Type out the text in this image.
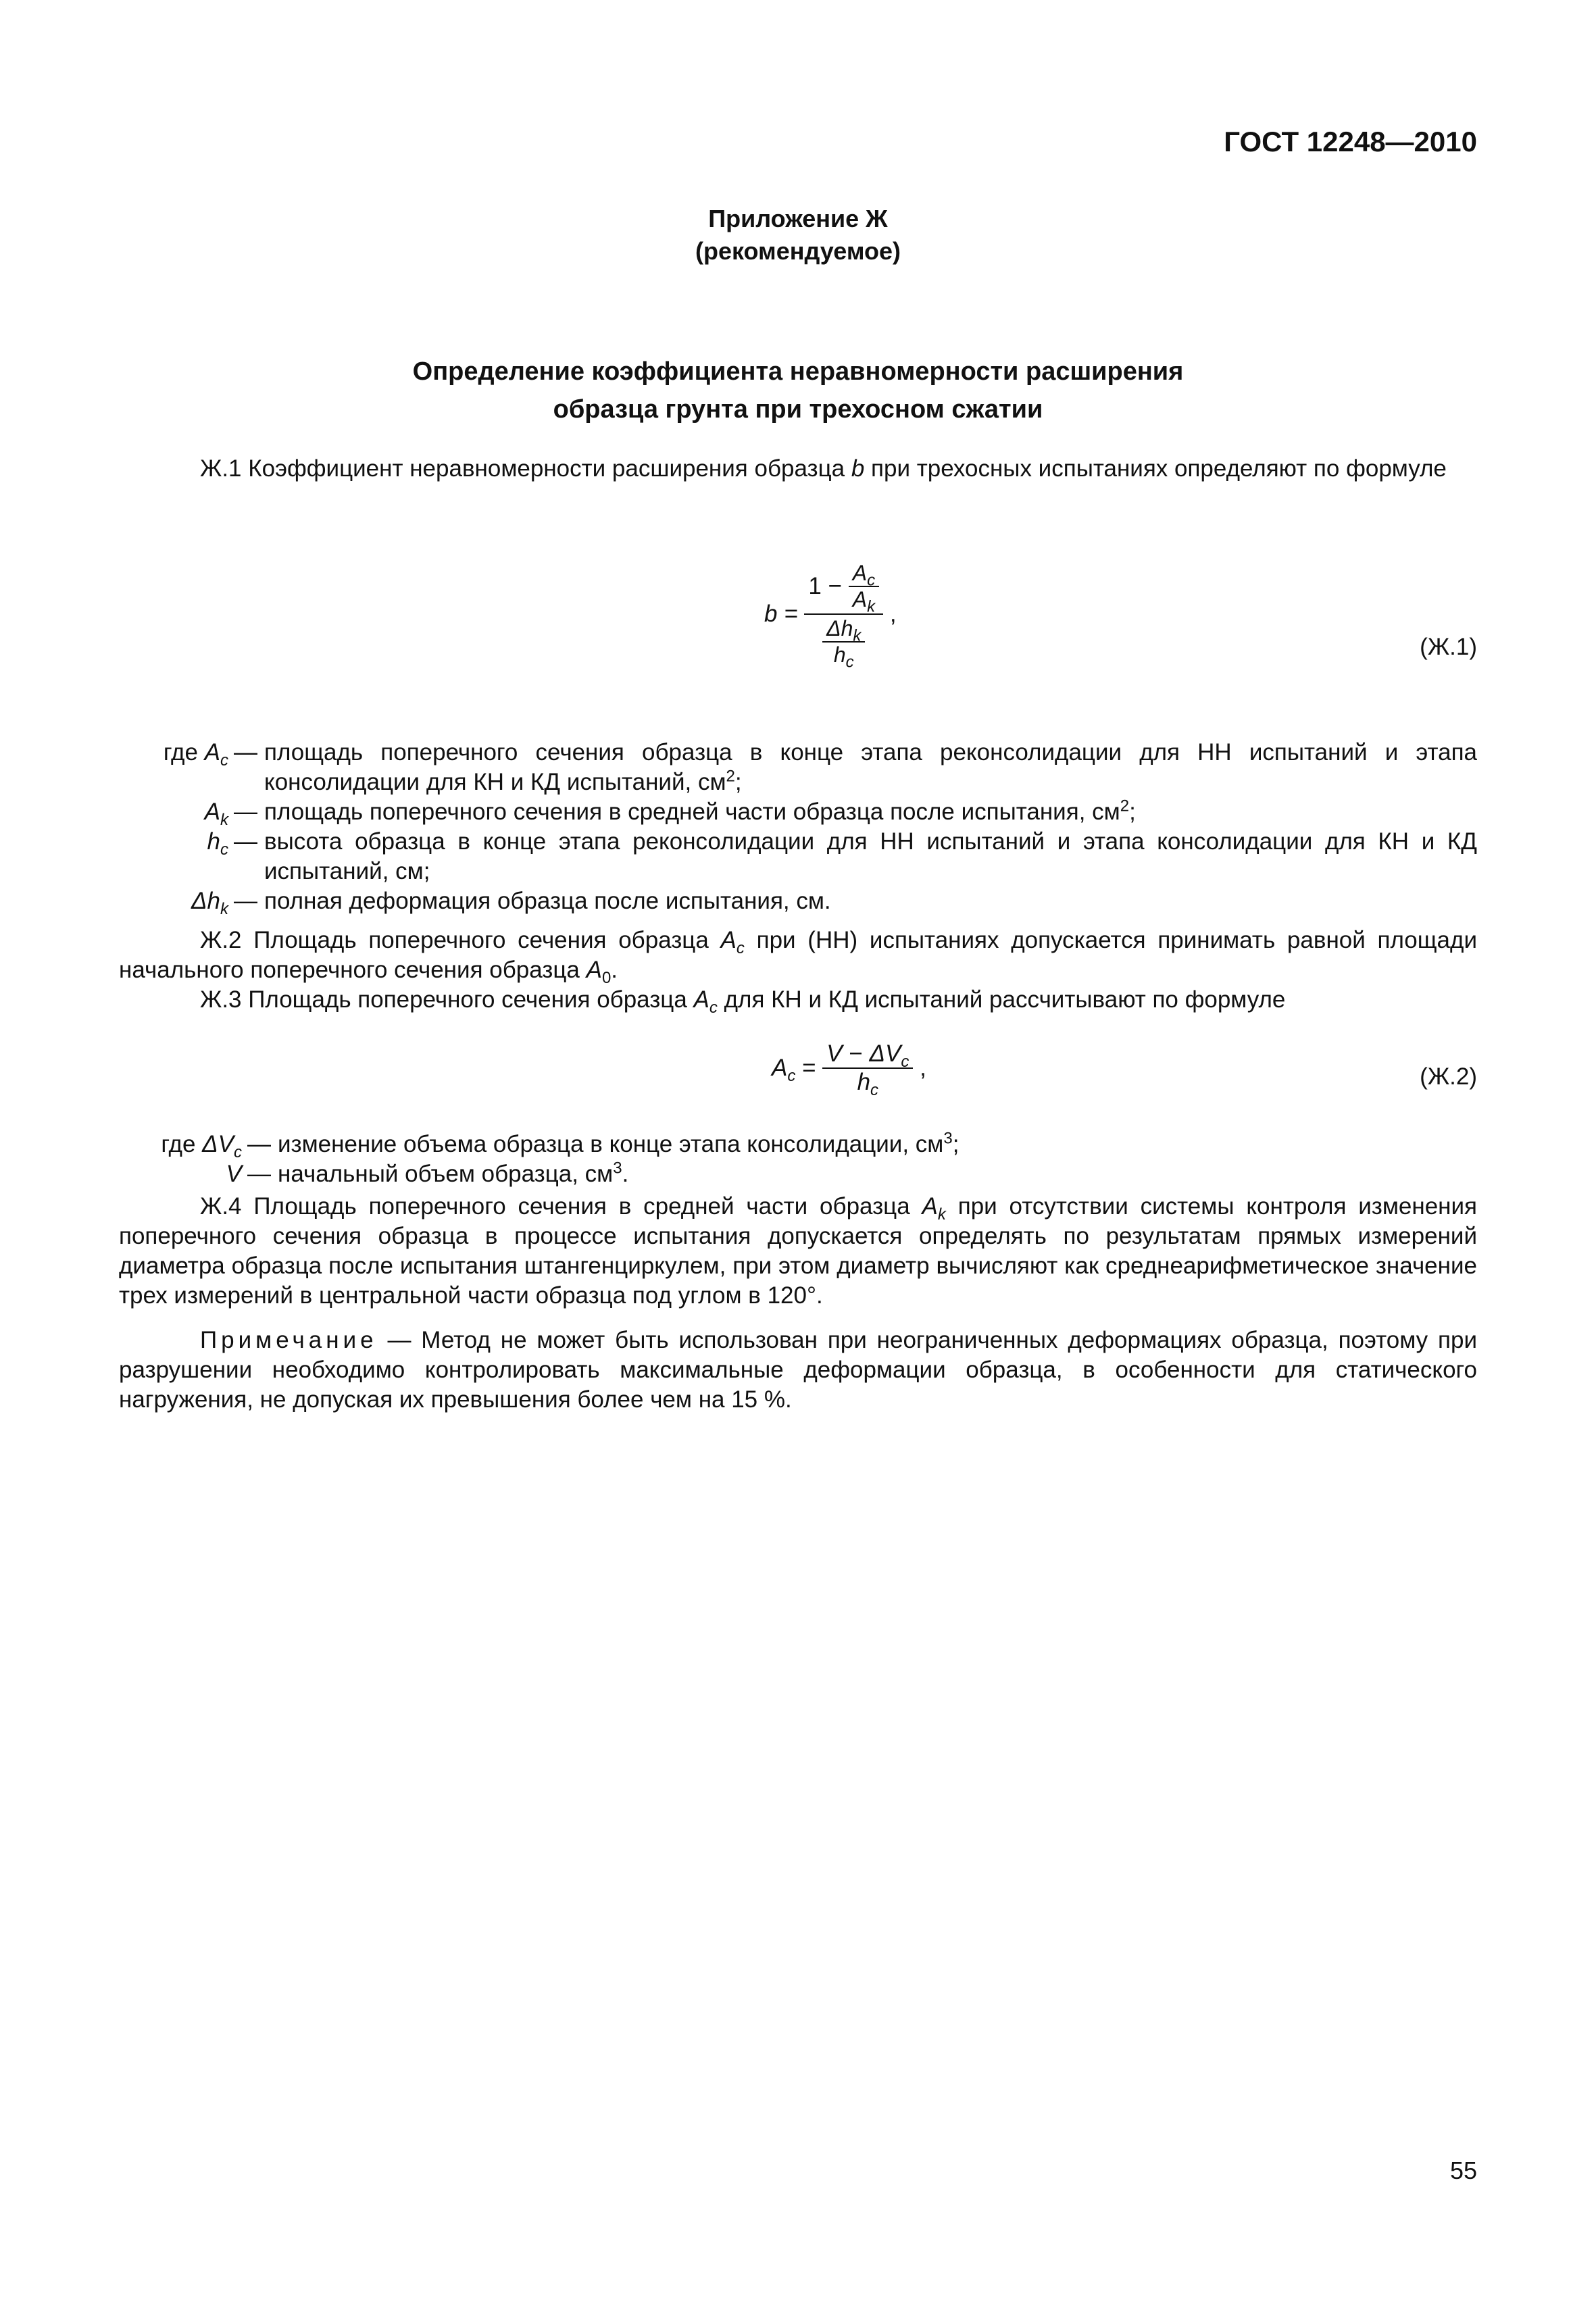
ГОСТ 12248—2010
Приложение Ж
(рекомендуемое)
Определение коэффициента неравномерности расширения
образца грунта при трехосном сжатии
Ж.1 Коэффициент неравномерности расширения образца b при трехосных испытаниях определяют по формуле
$b = \frac{1 - \frac{A_c}{A_k}}{\frac{\Delta h_k}{h_c}}$ ,
(Ж.1)
где $A_c$ — площадь поперечного сечения образца в конце этапа реконсолидации для НН испытаний и этапа консолидации для КН и КД испытаний, $см^2$;
$A_k$ — площадь поперечного сечения в средней части образца после испытания, $см^2$;
$h_c$ — высота образца в конце этапа реконсолидации для НН испытаний и этапа консолидации для КН и КД испытаний, см;
$\Delta h_k$ — полная деформация образца после испытания, см.
Ж.2 Площадь поперечного сечения образца $A_c$ при (НН) испытаниях допускается принимать равной площади начального поперечного сечения образца $A_0$.
Ж.3 Площадь поперечного сечения образца $A_c$ для КН и КД испытаний рассчитывают по формуле
$A_c = \frac{V - \Delta V_c}{h_c}$ ,	(Ж.2)
где $\Delta V_c$ — изменение объема образца в конце этапа консолидации, $см^3$;
V — начальный объем образца, $см^3$.
Ж.4 Площадь поперечного сечения в средней части образца $A_k$ при отсутствии системы контроля изменения поперечного сечения образца в процессе испытания допускается определять по результатам прямых измерений диаметра образца после испытания штангенциркулем, при этом диаметр вычисляют как среднеарифметическое значение трех измерений в центральной части образца под углом в 120°.
Примечание — Метод не может быть использован при неограниченных деформациях образца, поэтому при разрушении необходимо контролировать максимальные деформации образца, в особенности для статического нагружения, не допуская их превышения более чем на 15 %.
55
